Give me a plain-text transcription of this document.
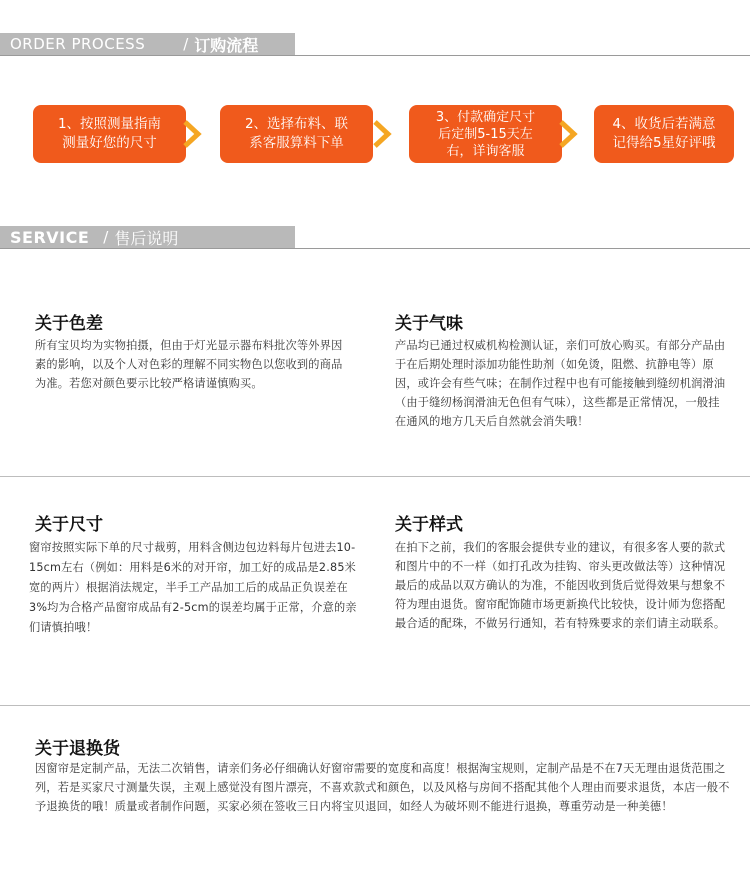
ORDER PROCESS	/ 订购流程
1、按照测量指南
测量好您的尺寸
2、选择布料、联
系客服算料下单
3、付款确定尺寸
后定制5-15天左
右，详询客服
4、收货后若满意
记得给5星好评哦
SERVICE / 售后说明
关于色差
所有宝贝均为实物拍摄，但由于灯光显示器布料批次等外界因素的影响，以及个人对色彩的理解不同实物色以您收到的商品为准。若您对颜色要示比较严格请谨慎购买。
关于气味
产品均已通过权威机构检测认证，亲们可放心购买。有部分产品由于在后期处理时添加功能性助剂（如免烫，阻燃、抗静电等）原因，或许会有些气味；在制作过程中也有可能接触到缝纫机润滑油（由于缝纫杨润滑油无色但有气味），这些都是正常情况，一般挂在通风的地方几天后自然就会消失哦！
关于尺寸
窗帘按照实际下单的尺寸裁剪，用料含侧边包边料每片包进去10-15cm左右（例如：用料是6米的对开帘，加工好的成品是2.85米宽的两片）根据消法规定，半手工产品加工后的成品正负误差在3%均为合格产品窗帘成品有2-5cm的误差均属于正常，介意的亲们请慎拍哦！
关于样式
在拍下之前，我们的客服会提供专业的建议，有很多客人要的款式和图片中的不一样（如打孔改为挂钩、帘头更改做法等）这种情况最后的成品以双方确认的为准，不能因收到货后觉得效果与想象不符为理由退货。窗帘配饰随市场更新换代比较快，设计师为您搭配最合适的配珠，不做另行通知，若有特殊要求的亲们请主动联系。
关于退换货
因窗帘是定制产品，无法二次销售，请亲们务必仔细确认好窗帘需要的宽度和高度！根据淘宝规则，定制产品是不在7天无理由退货范围之列，若是买家尺寸测量失误，主观上感觉没有图片漂亮，不喜欢款式和颜色，以及风格与房间不搭配其他个人理由而要求退货，本店一般不予退换货的哦！质量或者制作问题，买家必须在签收三日内将宝贝退回，如经人为破坏则不能进行退换，尊重劳动是一种美德！
